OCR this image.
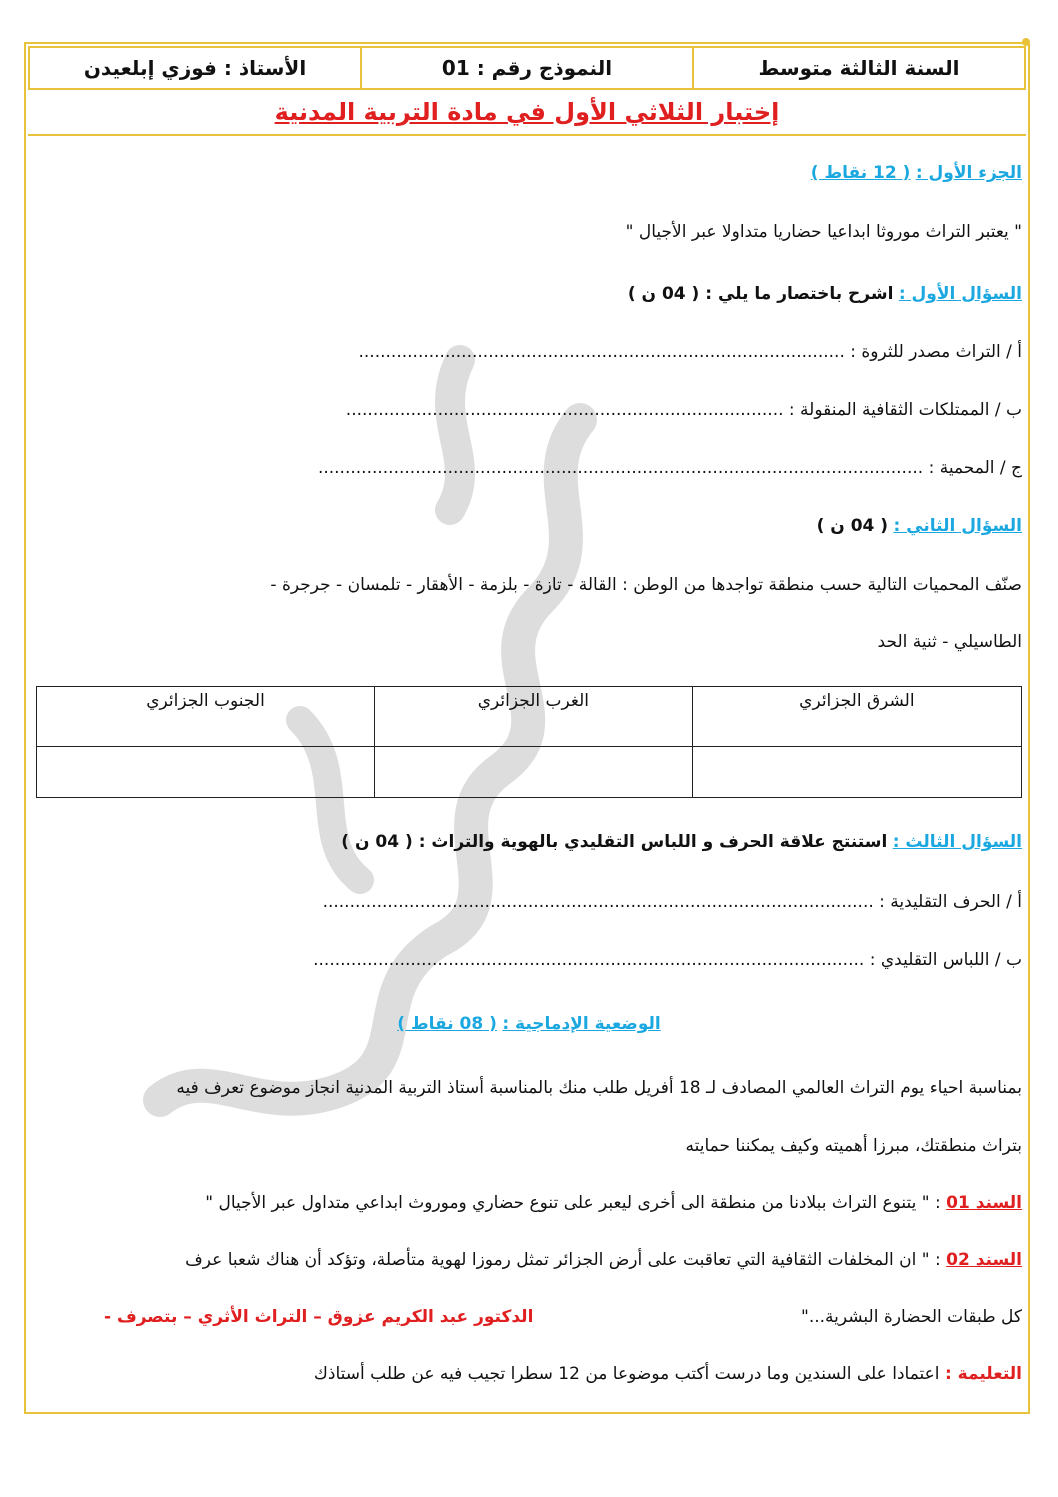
السنة الثالثة متوسط
النموذج رقم : 01
الأستاذ : فوزي إبلعيدن
إختبار الثلاثي الأول في مادة التربية المدنية
الجزء الأول : ( 12 نقاط )
" يعتبر التراث موروثا ابداعيا حضاريا متداولا عبر الأجيال "
السؤال الأول : اشرح باختصار ما يلي : ( 04 ن )
أ / التراث مصدر للثروة : ..........................................................................................
ب / الممتلكات الثقافية المنقولة : .................................................................................
ج / المحمية : ................................................................................................................
السؤال الثاني : ( 04 ن )
صنّف المحميات التالية حسب منطقة تواجدها من الوطن : القالة - تازة - بلزمة - الأهقار - تلمسان - جرجرة -
الطاسيلي - ثنية الحد
الشرق الجزائري	الغرب الجزائري	الجنوب الجزائري

السؤال الثالث : استنتج علاقة الحرف و اللباس التقليدي بالهوية والتراث : ( 04 ن )
أ / الحرف التقليدية : ......................................................................................................
ب / اللباس التقليدي : ......................................................................................................
الوضعية الإدماجية : ( 08 نقاط )
بمناسبة احياء يوم التراث العالمي المصادف لـ 18 أفريل طلب منك بالمناسبة أستاذ التربية المدنية انجاز موضوع تعرف فيه
بتراث منطقتك، مبرزا أهميته وكيف يمكننا حمايته
السند 01 : " يتنوع التراث ببلادنا من منطقة الى أخرى ليعبر على تنوع حضاري وموروث ابداعي متداول عبر الأجيال "
السند 02 : " ان المخلفات الثقافية التي تعاقبت على أرض الجزائر تمثل رموزا لهوية متأصلة، وتؤكد أن هناك شعبا عرف
كل طبقات الحضارة البشرية..."
الدكتور عبد الكريم عزوق – التراث الأثري – بتصرف -
التعليمة : اعتمادا على السندين وما درست أكتب موضوعا من 12 سطرا تجيب فيه عن طلب أستاذك
